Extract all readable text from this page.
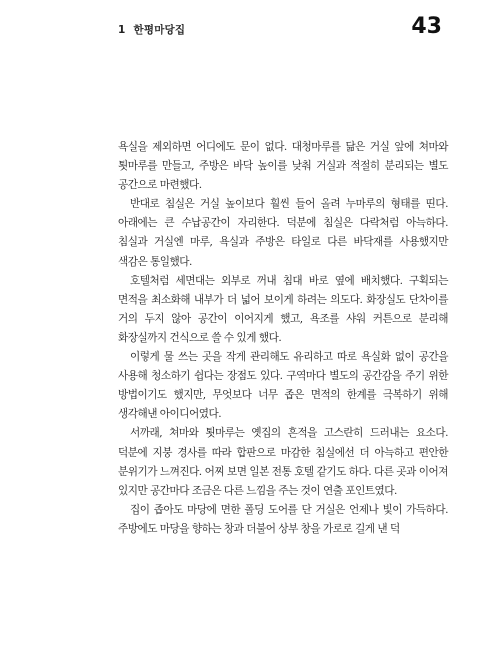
1 한평마당집	43

욕실을 제외하면 어디에도 문이 없다. 대청마루를 닮은 거실 앞에 쳐마와 툇마루를 만들고, 주방은 바닥 높이를 낮춰 거실과 적절히 분리되는 별도 공간으로 마련했다.

반대로 침실은 거실 높이보다 훨씬 들어 올려 누마루의 형태를 띤다. 아래에는 큰 수납공간이 자리한다. 덕분에 침실은 다락처럼 아늑하다. 침실과 거실엔 마루, 욕실과 주방은 타일로 다른 바닥재를 사용했지만 색감은 통일했다.

호텔처럼 세면대는 외부로 꺼내 침대 바로 옆에 배치했다. 구획되는 면적을 최소화해 내부가 더 넓어 보이게 하려는 의도다. 화장실도 단차이를 거의 두지 않아 공간이 이어지게 했고, 욕조를 샤워 커튼으로 분리해 화장실까지 건식으로 쓸 수 있게 했다.

이렇게 물 쓰는 곳을 작게 관리해도 유리하고 따로 욕실화 없이 공간을 사용해 청소하기 쉽다는 장점도 있다. 구역마다 별도의 공간감을 주기 위한 방법이기도 했지만, 무엇보다 너무 좁은 면적의 한계를 극복하기 위해 생각해낸 아이디어였다.

서까래, 쳐마와 툇마루는 옛집의 흔적을 고스란히 드러내는 요소다. 덕분에 지붕 경사를 따라 합판으로 마감한 침실에선 더 아늑하고 편안한 분위기가 느껴진다. 어찌 보면 일본 전통 호텔 같기도 하다. 다른 곳과 이어져 있지만 공간마다 조금은 다른 느낌을 주는 것이 연출 포인트였다.

집이 좁아도 마당에 면한 폴딩 도어를 단 거실은 언제나 빛이 가득하다. 주방에도 마당을 향하는 창과 더불어 상부 창을 가로로 길게 낸 덕
